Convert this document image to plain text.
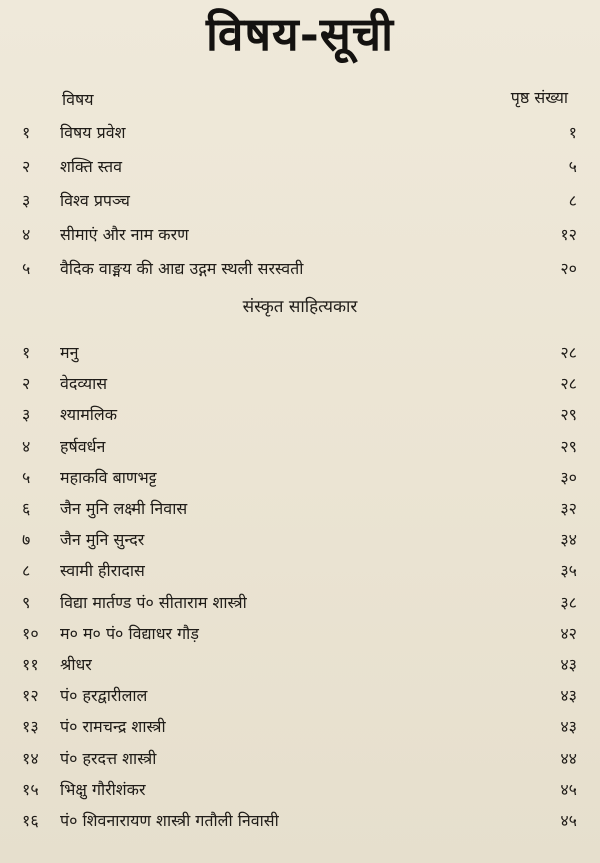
विषय-सूची
विषय	पृष्ठ संख्या
१	विषय प्रवेश	१
२	शक्ति स्तव	५
३	विश्व प्रपञ्च	८
४	सीमाएं और नाम करण	१२
५	वैदिक वाङ्मय की आद्य उद्गम स्थली सरस्वती	२०
संस्कृत साहित्यकार
१	मनु	२८
२	वेदव्यास	२८
३	श्यामलिक	२९
४	हर्षवर्धन	२९
५	महाकवि बाणभट्ट	३०
६	जैन मुनि लक्ष्मी निवास	३२
७	जैन मुनि सुन्दर	३४
८	स्वामी हीरादास	३५
९	विद्या मार्तण्ड पं० सीताराम शास्त्री	३८
१०	म० म० पं० विद्याधर गौड़	४२
११	श्रीधर	४३
१२	पं० हरद्वारीलाल	४३
१३	पं० रामचन्द्र शास्त्री	४३
१४	पं० हरदत्त शास्त्री	४४
१५	भिक्षु गौरीशंकर	४५
१६	पं० शिवनारायण शास्त्री गतौली निवासी	४५
